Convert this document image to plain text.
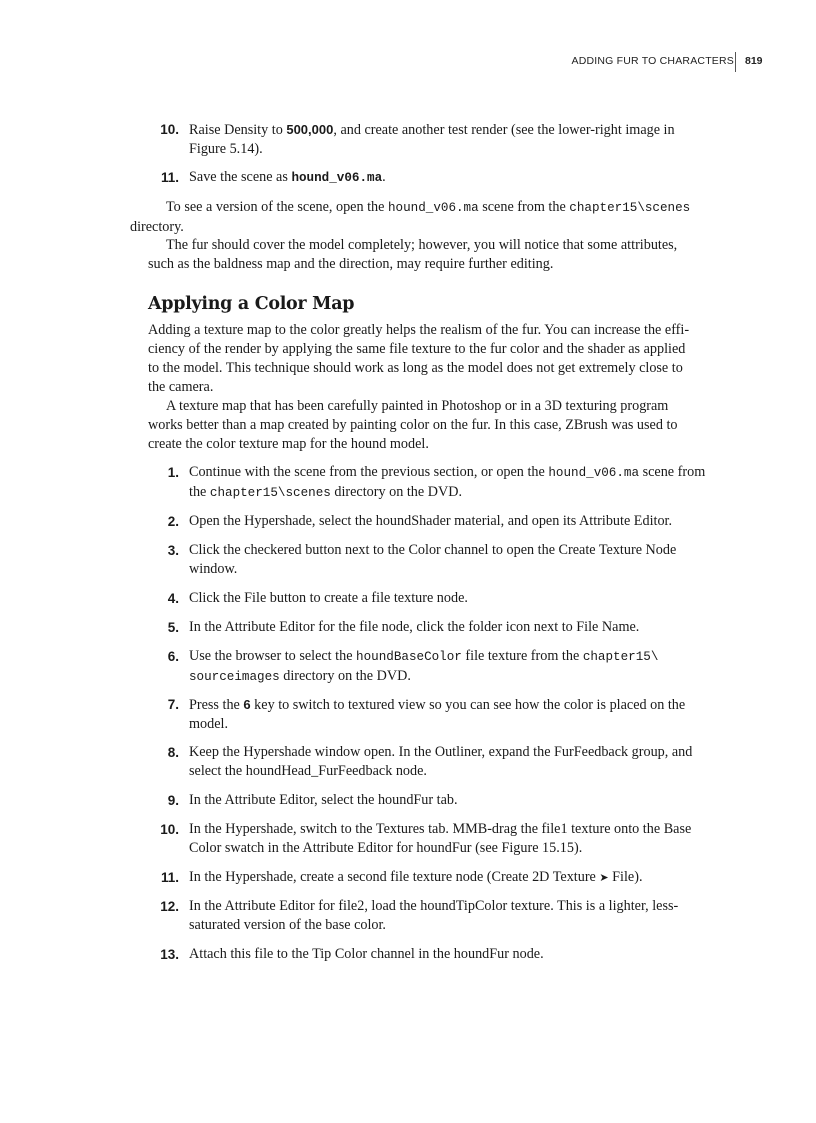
ADDING FUR TO CHARACTERS 819
10. Raise Density to 500,000, and create another test render (see the lower-right image in
Figure 5.14).
11. Save the scene as hound_v06.ma.
To see a version of the scene, open the hound_v06.ma scene from the chapter15\scenes
directory.
The fur should cover the model completely; however, you will notice that some attributes,
such as the baldness map and the direction, may require further editing.
Applying a Color Map
Adding a texture map to the color greatly helps the realism of the fur. You can increase the effi-
ciency of the render by applying the same file texture to the fur color and the shader as applied
to the model. This technique should work as long as the model does not get extremely close to
the camera.
A texture map that has been carefully painted in Photoshop or in a 3D texturing program
works better than a map created by painting color on the fur. In this case, ZBrush was used to
create the color texture map for the hound model.
1. Continue with the scene from the previous section, or open the hound_v06.ma scene from
the chapter15\scenes directory on the DVD.
2. Open the Hypershade, select the houndShader material, and open its Attribute Editor.
3. Click the checkered button next to the Color channel to open the Create Texture Node
window.
4. Click the File button to create a file texture node.
5. In the Attribute Editor for the file node, click the folder icon next to File Name.
6. Use the browser to select the houndBaseColor file texture from the chapter15\
sourceimages directory on the DVD.
7. Press the 6 key to switch to textured view so you can see how the color is placed on the
model.
8. Keep the Hypershade window open. In the Outliner, expand the FurFeedback group, and
select the houndHead_FurFeedback node.
9. In the Attribute Editor, select the houndFur tab.
10. In the Hypershade, switch to the Textures tab. MMB-drag the file1 texture onto the Base
Color swatch in the Attribute Editor for houndFur (see Figure 15.15).
11. In the Hypershade, create a second file texture node (Create 2D Texture ➤ File).
12. In the Attribute Editor for file2, load the houndTipColor texture. This is a lighter, less-
saturated version of the base color.
13. Attach this file to the Tip Color channel in the houndFur node.
